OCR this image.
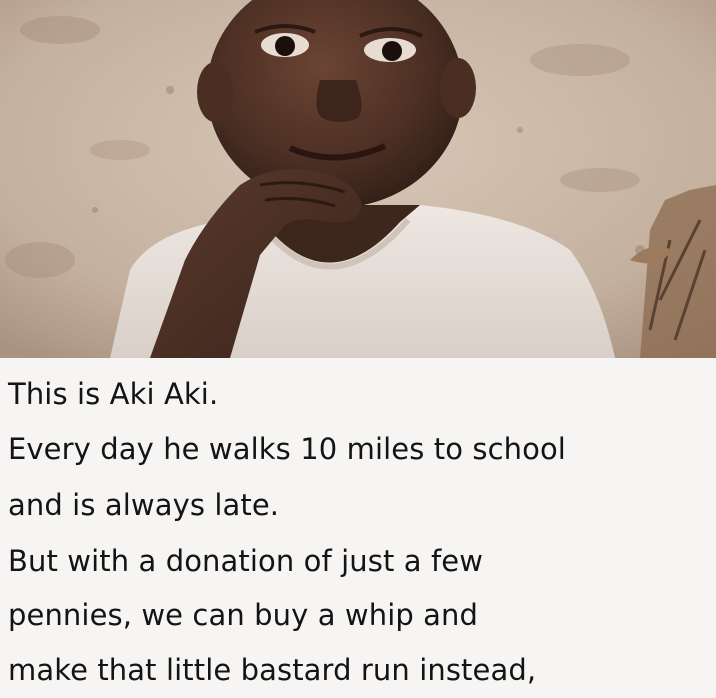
This is Aki Aki.

Every day he walks 10 miles to school

and is always late.

But with a donation of just a few

pennies, we can buy a whip and

make that little bastard run instead,
